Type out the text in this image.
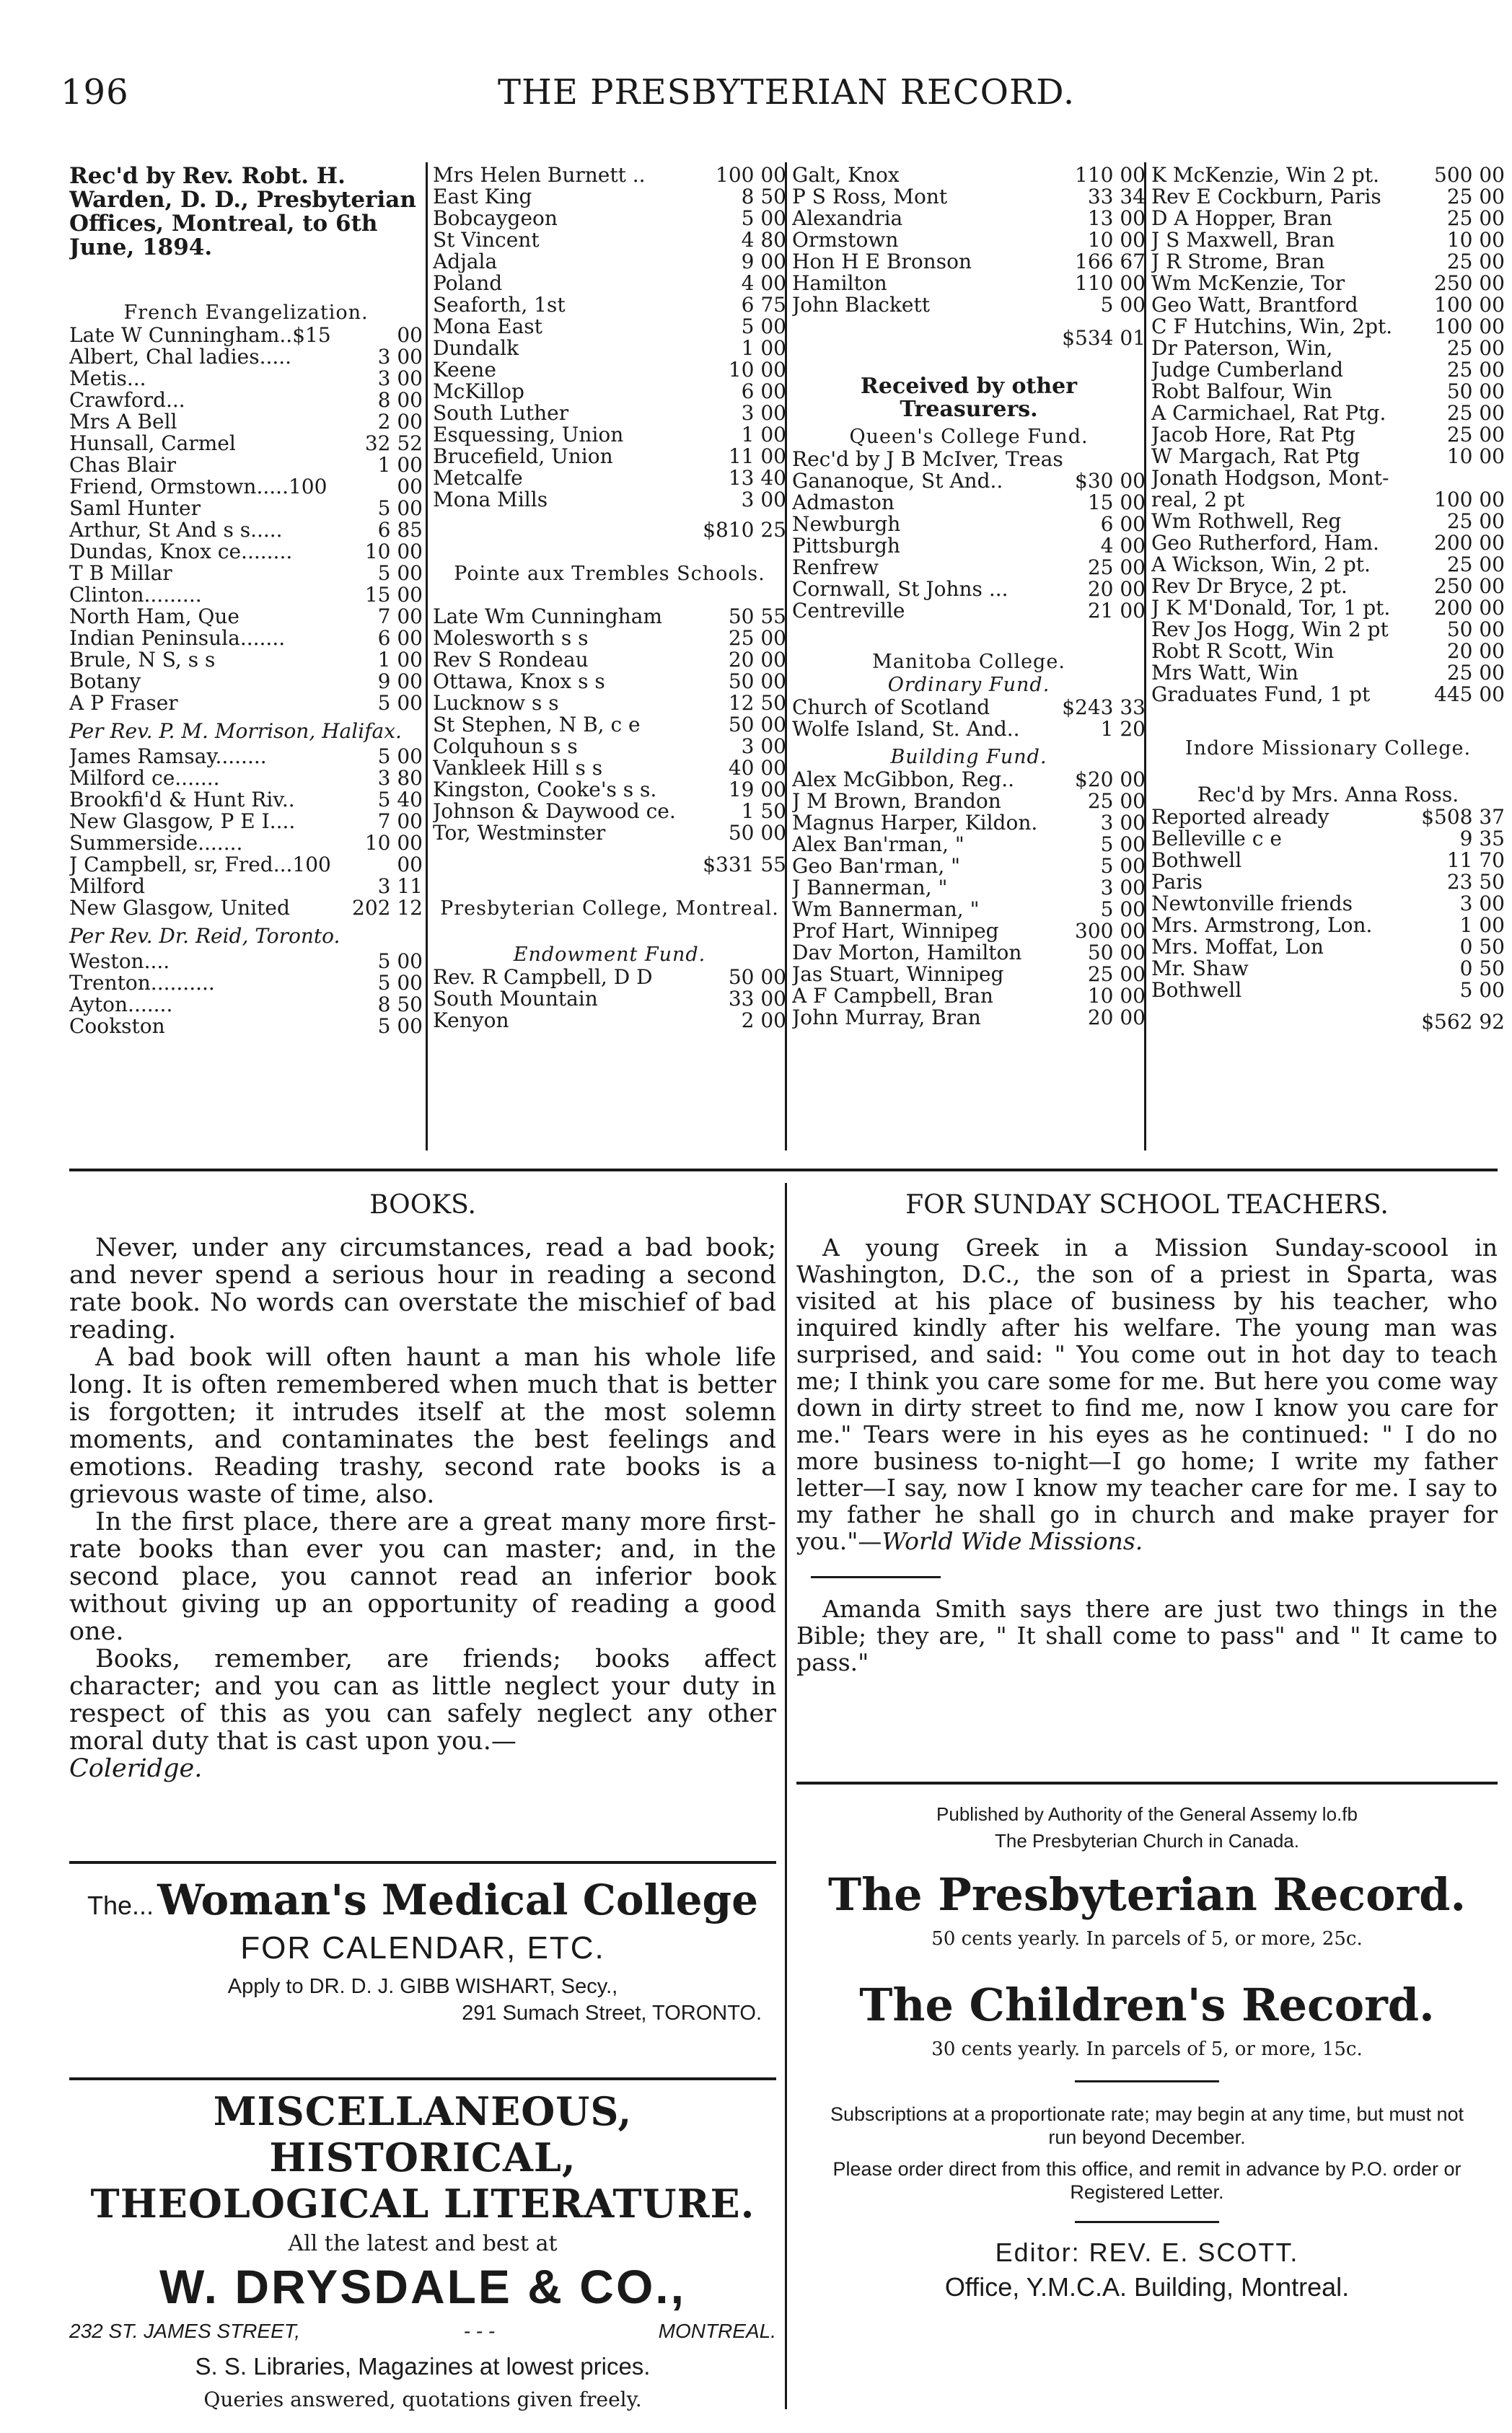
196	THE PRESBYTERIAN RECORD.
Rec'd by Rev. Robt. H. Warden, D. D., Presbyterian Offices, Montreal, to 6th June, 1894.
French Evangelization.
Late W Cunningham..$15	00
Albert, Chal ladies.....	3 00
Metis...	3 00
Crawford...	8 00
Mrs A Bell	2 00
Hunsall, Carmel	32 52
Chas Blair	1 00
Friend, Ormstown.....100	00
Saml Hunter	5 00
Arthur, St And s s.....	6 85
Dundas, Knox ce........	10 00
T B Millar	5 00
Clinton.........	15 00
North Ham, Que	7 00
Indian Peninsula.......	6 00
Brule, N S, s s	1 00
Botany	9 00
A P Fraser	5 00
Per Rev. P. M. Morrison, Halifax.
James Ramsay........	5 00
Milford ce.......	3 80
Brookfi'd & Hunt Riv..	5 40
New Glasgow, P E I....	7 00
Summerside.......	10 00
J Campbell, sr, Fred...100	00
Milford	3 11
New Glasgow, United	202 12
Per Rev. Dr. Reid, Toronto.
Weston....	5 00
Trenton..........	5 00
Ayton.......	8 50
Cookston	5 00
Mrs Helen Burnett ..	100 00
East King	8 50
Bobcaygeon	5 00
St Vincent	4 80
Adjala	9 00
Poland	4 00
Seaforth, 1st	6 75
Mona East	5 00
Dundalk	1 00
Keene	10 00
McKillop	6 00
South Luther	3 00
Esquessing, Union	1 00
Brucefield, Union	11 00
Metcalfe	13 40
Mona Mills	3 00
$810 25
Pointe aux Trembles Schools.
Late Wm Cunningham	50 55
Molesworth s s	25 00
Rev S Rondeau	20 00
Ottawa, Knox s s	50 00
Lucknow s s	12 50
St Stephen, N B, c e	50 00
Colquhoun s s	3 00
Vankleek Hill s s	40 00
Kingston, Cooke's s s.	19 00
Johnson & Daywood ce.	1 50
Tor, Westminster	50 00
$331 55
Presbyterian College, Montreal.
Endowment Fund.
Rev. R Campbell, D D	50 00
South Mountain	33 00
Kenyon	2 00
Galt, Knox	110 00
P S Ross, Mont	33 34
Alexandria	13 00
Ormstown	10 00
Hon H E Bronson	166 67
Hamilton	110 00
John Blackett	5 00
$534 01
Received by other Treasurers.
Queen's College Fund.
Rec'd by J B McIver, Treas
Gananoque, St And..	$30 00
Admaston	15 00
Newburgh	6 00
Pittsburgh	4 00
Renfrew	25 00
Cornwall, St Johns ...	20 00
Centreville	21 00
Manitoba College.
Ordinary Fund.
Church of Scotland	$243 33
Wolfe Island, St. And..	1 20
Building Fund.
Alex McGibbon, Reg..	$20 00
J M Brown, Brandon	25 00
Magnus Harper, Kildon.	3 00
Alex Ban'rman, "	5 00
Geo Ban'rman, "	5 00
J Bannerman, "	3 00
Wm Bannerman, "	5 00
Prof Hart, Winnipeg	300 00
Dav Morton, Hamilton	50 00
Jas Stuart, Winnipeg	25 00
A F Campbell, Bran	10 00
John Murray, Bran	20 00
K McKenzie, Win 2 pt.	500 00
Rev E Cockburn, Paris	25 00
D A Hopper, Bran	25 00
J S Maxwell, Bran	10 00
J R Strome, Bran	25 00
Wm McKenzie, Tor	250 00
Geo Watt, Brantford	100 00
C F Hutchins, Win, 2pt.	100 00
Dr Paterson, Win,	25 00
Judge Cumberland	25 00
Robt Balfour, Win	50 00
A Carmichael, Rat Ptg.	25 00
Jacob Hore, Rat Ptg	25 00
W Margach, Rat Ptg	10 00
Jonath Hodgson, Mont-
real, 2 pt	100 00
Wm Rothwell, Reg	25 00
Geo Rutherford, Ham.	200 00
A Wickson, Win, 2 pt.	25 00
Rev Dr Bryce, 2 pt.	250 00
J K M'Donald, Tor, 1 pt.	200 00
Rev Jos Hogg, Win 2 pt	50 00
Robt R Scott, Win	20 00
Mrs Watt, Win	25 00
Graduates Fund, 1 pt	445 00
Indore Missionary College.
Rec'd by Mrs. Anna Ross.
Reported already	$508 37
Belleville c e	9 35
Bothwell	11 70
Paris	23 50
Newtonville friends	3 00
Mrs. Armstrong, Lon.	1 00
Mrs. Moffat, Lon	0 50
Mr. Shaw	0 50
Bothwell	5 00
$562 92
BOOKS.

Never, under any circumstances, read a bad book; and never spend a serious hour in reading a second rate book. No words can overstate the mischief of bad reading.

A bad book will often haunt a man his whole life long. It is often remembered when much that is better is forgotten; it intrudes itself at the most solemn moments, and contaminates the best feelings and emotions. Reading trashy, second rate books is a grievous waste of time, also.

In the first place, there are a great many more first-rate books than ever you can master; and, in the second place, you cannot read an inferior book without giving up an opportunity of reading a good one.

Books, remember, are friends; books affect character; and you can as little neglect your duty in respect of this as you can safely neglect any other moral duty that is cast upon you.—

Coleridge.
The... Woman's Medical College
FOR CALENDAR, ETC.
Apply to DR. D. J. GIBB WISHART, Secy.,
291 Sumach Street, TORONTO.
MISCELLANEOUS, HISTORICAL,
THEOLOGICAL LITERATURE.
All the latest and best at
W. DRYSDALE & CO.,
232 ST. JAMES STREET,	- - -	MONTREAL.
S. S. Libraries, Magazines at lowest prices.
Queries answered, quotations given freely.
FOR SUNDAY SCHOOL TEACHERS.

A young Greek in a Mission Sunday-scoool in Washington, D.C., the son of a priest in Sparta, was visited at his place of business by his teacher, who inquired kindly after his welfare. The young man was surprised, and said: " You come out in hot day to teach me; I think you care some for me. But here you come way down in dirty street to find me, now I know you care for me." Tears were in his eyes as he continued: " I do no more business to-night—I go home; I write my father letter—I say, now I know my teacher care for me. I say to my father he shall go in church and make prayer for you."—World Wide Missions.

Amanda Smith says there are just two things in the Bible; they are, " It shall come to pass" and " It came to pass."

Published by Authority of the General Assemy lo.fb
The Presbyterian Church in Canada.
The Presbyterian Record.
50 cents yearly. In parcels of 5, or more, 25c.
The Children's Record.
30 cents yearly. In parcels of 5, or more, 15c.
Subscriptions at a proportionate rate; may begin at any time, but must not run beyond December.
Please order direct from this office, and remit in advance by P.O. order or Registered Letter.
Editor: REV. E. SCOTT.
Office, Y.M.C.A. Building, Montreal.
